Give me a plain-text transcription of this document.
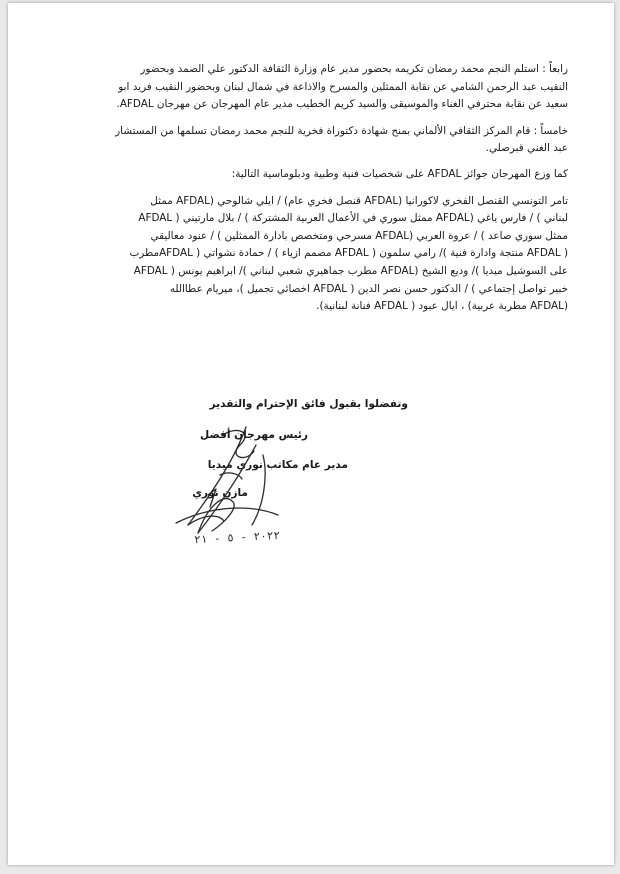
رابعاً : استلم النجم محمد رمضان تكريمه بحضور مدير عام وزارة الثقافة الدكتور علي الصمد وبحضور
النقيب عبد الرحمن الشامي عن نقابة الممثلين والمسرح والاذاعة في شمال لبنان وبحضور النقيب فريد ابو
سعيد عن نقابة محترفي الغناء والموسيقى والسيد كريم الخطيب مدير عام المهرجان عن مهرجان AFDAL.
خامساً : قام المركز الثقافي الألماني بمنح شهادة دكتوراة فخرية للنجم محمد رمضان تسلمها من المستشار
عبد الغني قبرصلي.
كما وزع المهرجان جوائز AFDAL على شخصيات فنية وطبية ودبلوماسية التالية:
تامر التونسي القنصل الفخري لاكورانيا (AFDAL قنصل فخري عام) / ايلي شالوحي (AFDAL ممثل
لبناني ) / فارس ياغي (AFDAL ممثل سوري في الأعمال العربية المشتركة ) / بلال مارتيني ( AFDAL
ممثل سوري صاعد ) / عروة العربي (AFDAL مسرحي ومتخصص بادارة الممثلين ) / عنود معاليقي
( AFDAL منتجة وادارة فنية )/ رامي سلمون ( AFDAL مصمم ازياء ) / حمادة نشواتي ( AFDALمطرب
على السوشيل ميديا )/ وديع الشيخ (AFDAL مطرب جماهيري شعبي لبناني )/ ابراهيم يونس ( AFDAL
خبير تواصل إجتماعي ) / الدكتور حسن نصر الدين ( AFDAL اخصائي تجميل )، ميريام عطاالله
(AFDAL مطربة عربية) ، ايال عبود ( AFDAL فنانة لبنانية).
وتفضلوا بقبول فائق الإحترام والتقدير
رئيس مهرجان أفضل
مدير عام مكاتب نوري ميديا
مازن نوري
٢٠٢٢ - ٥ - ٢١
